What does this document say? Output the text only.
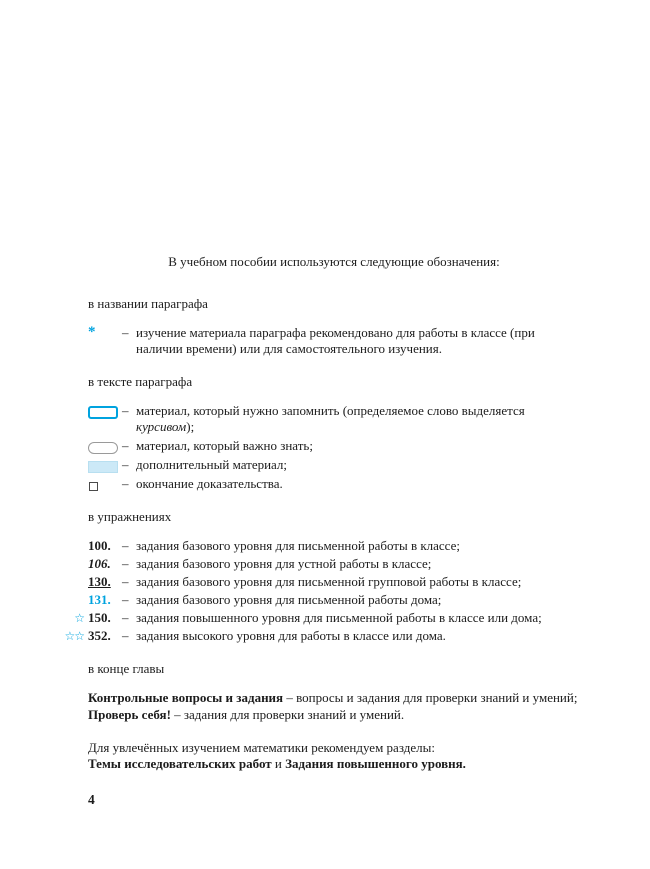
В учебном пособии используются следующие обозначения:

в названии параграфа

*	– изучение материала параграфа рекомендовано для работы в классе (при наличии времени) или для самостоятельного изучения.

в тексте параграфа

– материал, который нужно запомнить (определяемое слово выделяется курсивом);
– материал, который важно знать;
– дополнительный материал;
– окончание доказательства.

в упражнениях

100. – задания базового уровня для письменной работы в классе;
106. – задания базового уровня для устной работы в классе;
130. – задания базового уровня для письменной групповой работы в классе;
131. – задания базового уровня для письменной работы дома;
☆ 150. – задания повышенного уровня для письменной работы в классе или дома;
☆☆ 352. – задания высокого уровня для работы в классе или дома.

в конце главы

Контрольные вопросы и задания – вопросы и задания для проверки знаний и умений;

Проверь себя! – задания для проверки знаний и умений.

Для увлечённых изучением математики рекомендуем разделы:

Темы исследовательских работ и Задания повышенного уровня.

4
